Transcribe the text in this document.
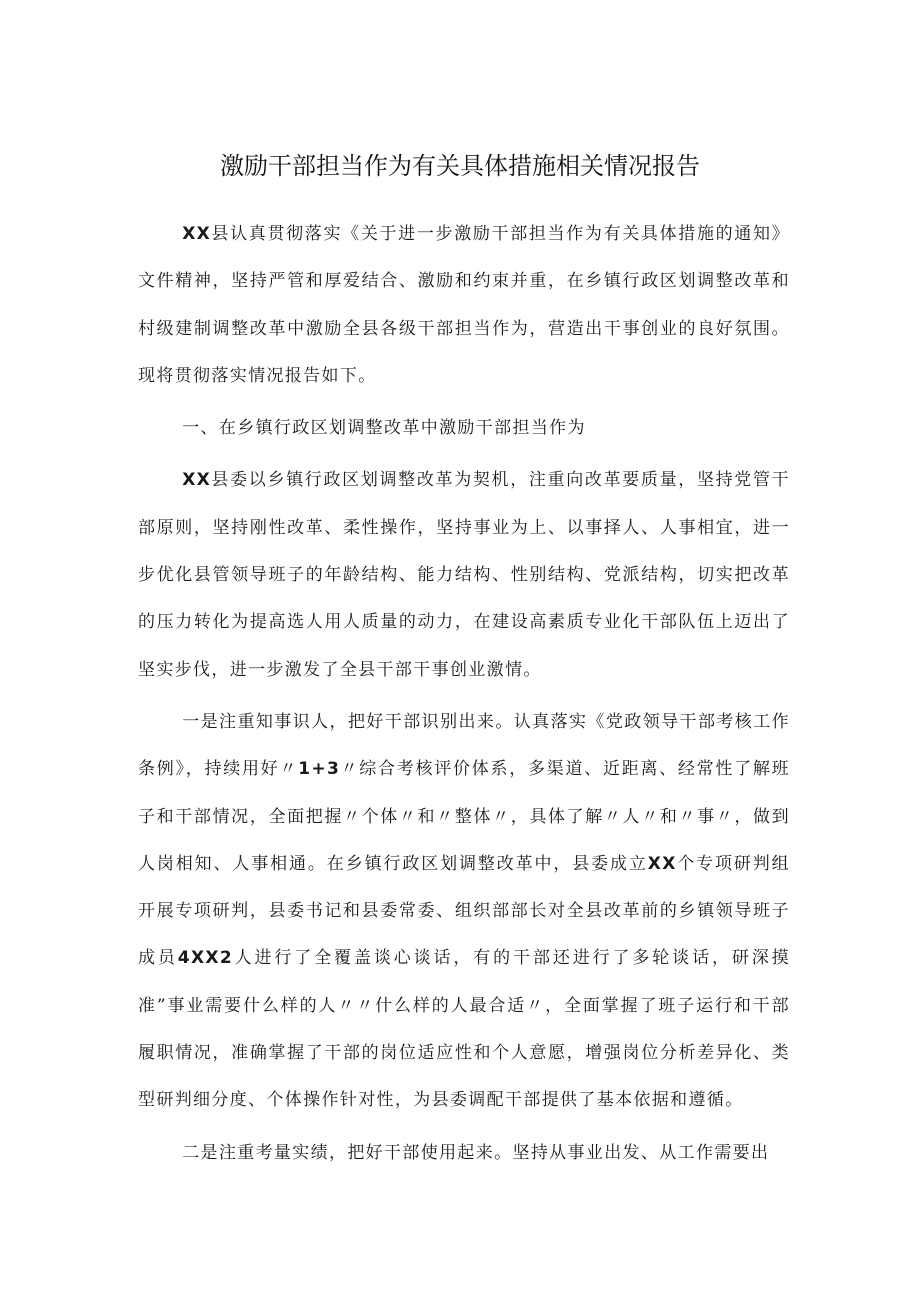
激励干部担当作为有关具体措施相关情况报告

XX县认真贯彻落实《关于进一步激励干部担当作为有关具体措施的通知》文件精神，坚持严管和厚爱结合、激励和约束并重，在乡镇行政区划调整改革和村级建制调整改革中激励全县各级干部担当作为，营造出干事创业的良好氛围。现将贯彻落实情况报告如下。

一、在乡镇行政区划调整改革中激励干部担当作为

XX县委以乡镇行政区划调整改革为契机，注重向改革要质量，坚持党管干部原则，坚持刚性改革、柔性操作，坚持事业为上、以事择人、人事相宜，进一步优化县管领导班子的年龄结构、能力结构、性别结构、党派结构，切实把改革的压力转化为提高选人用人质量的动力，在建设高素质专业化干部队伍上迈出了坚实步伐，进一步激发了全县干部干事创业激情。

一是注重知事识人，把好干部识别出来。认真落实《党政领导干部考核工作条例》，持续用好〃1+3〃综合考核评价体系，多渠道、近距离、经常性了解班子和干部情况，全面把握〃个体〃和〃整体〃，具体了解〃人〃和〃事〃，做到人岗相知、人事相通。在乡镇行政区划调整改革中，县委成立XX个专项研判组开展专项研判，县委书记和县委常委、组织部部长对全县改革前的乡镇领导班子成员4XX2人进行了全覆盖谈心谈话，有的干部还进行了多轮谈话，研深摸准”事业需要什么样的人〃〃什么样的人最合适〃，全面掌握了班子运行和干部履职情况，准确掌握了干部的岗位适应性和个人意愿，增强岗位分析差异化、类型研判细分度、个体操作针对性，为县委调配干部提供了基本依据和遵循。

二是注重考量实绩，把好干部使用起来。坚持从事业出发、从工作需要出
